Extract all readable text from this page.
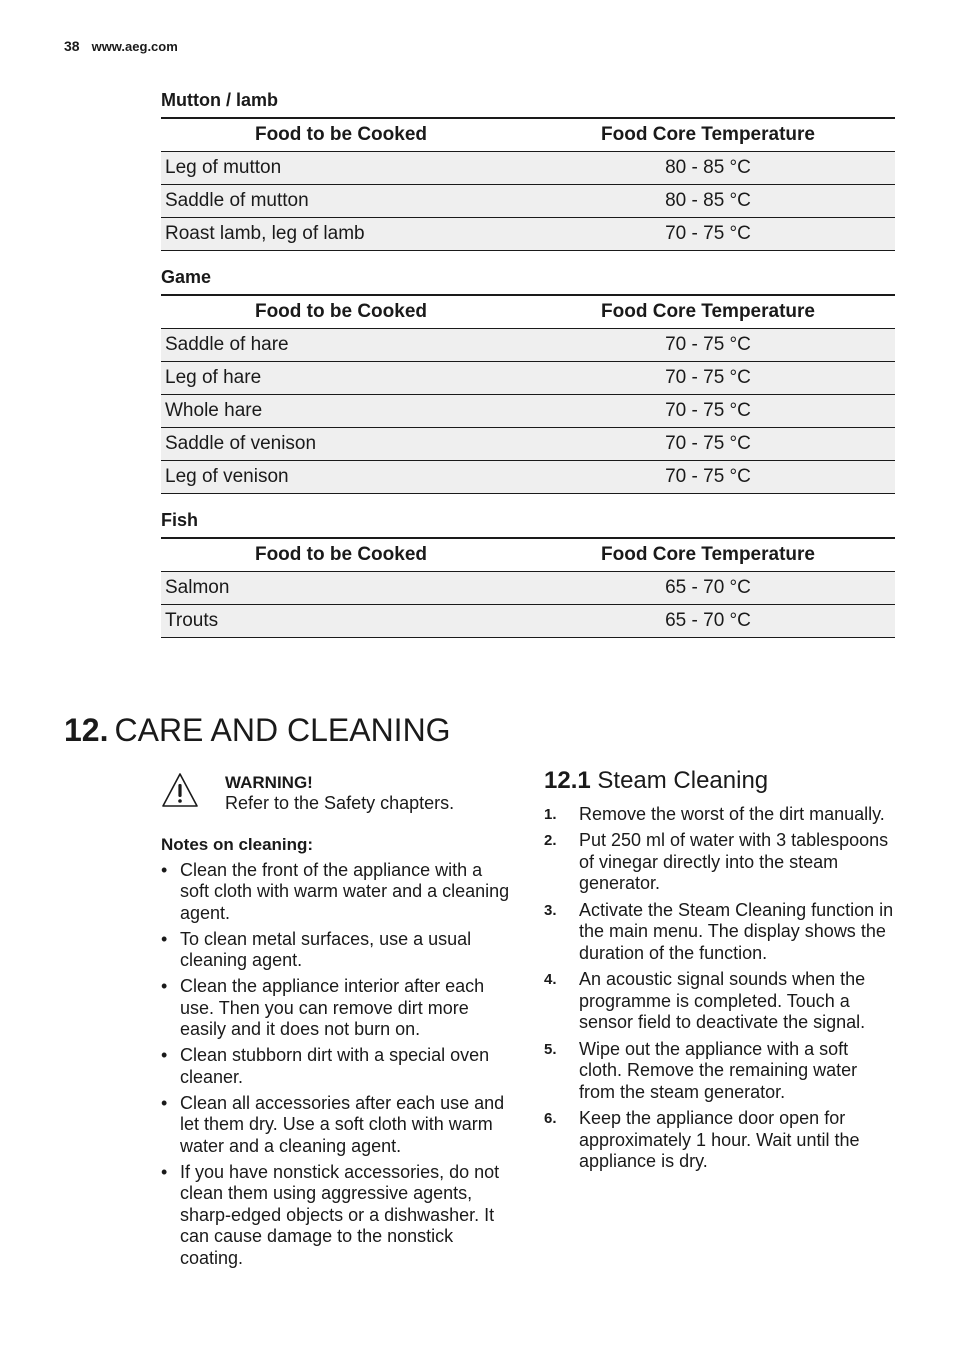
38 www.aeg.com
Mutton / lamb
Food to be Cooked	Food Core Temperature
Leg of mutton	80 - 85 °C
Saddle of mutton	80 - 85 °C
Roast lamb, leg of lamb	70 - 75 °C
Game
Food to be Cooked	Food Core Temperature
Saddle of hare	70 - 75 °C
Leg of hare	70 - 75 °C
Whole hare	70 - 75 °C
Saddle of venison	70 - 75 °C
Leg of venison	70 - 75 °C
Fish
Food to be Cooked	Food Core Temperature
Salmon	65 - 70 °C
Trouts	65 - 70 °C
12. CARE AND CLEANING
WARNING!
Refer to the Safety chapters.
Notes on cleaning:
• Clean the front of the appliance with a soft cloth with warm water and a cleaning agent.
• To clean metal surfaces, use a usual cleaning agent.
• Clean the appliance interior after each use. Then you can remove dirt more easily and it does not burn on.
• Clean stubborn dirt with a special oven cleaner.
• Clean all accessories after each use and let them dry. Use a soft cloth with warm water and a cleaning agent.
• If you have nonstick accessories, do not clean them using aggressive agents, sharp-edged objects or a dishwasher. It can cause damage to the nonstick coating.
12.1 Steam Cleaning
1. Remove the worst of the dirt manually.
2. Put 250 ml of water with 3 tablespoons of vinegar directly into the steam generator.
3. Activate the Steam Cleaning function in the main menu. The display shows the duration of the function.
4. An acoustic signal sounds when the programme is completed. Touch a sensor field to deactivate the signal.
5. Wipe out the appliance with a soft cloth. Remove the remaining water from the steam generator.
6. Keep the appliance door open for approximately 1 hour. Wait until the appliance is dry.
